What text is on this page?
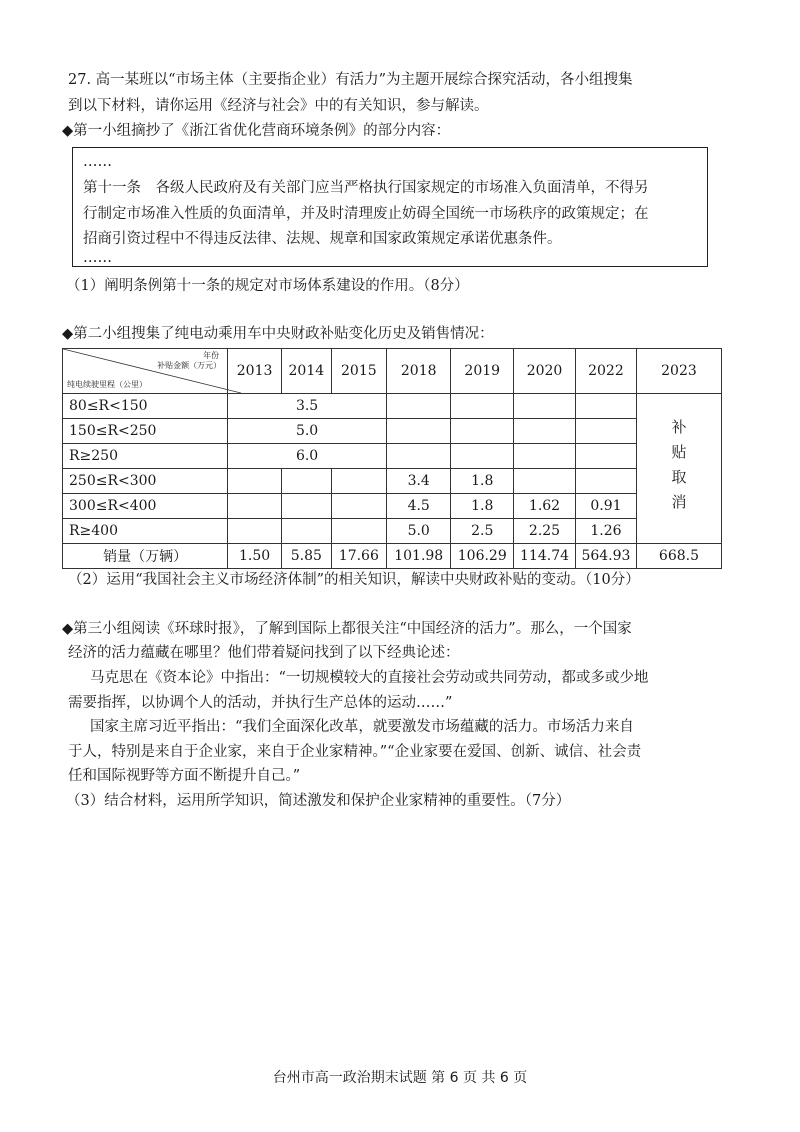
27. 高一某班以“市场主体（主要指企业）有活力”为主题开展综合探究活动，各小组搜集
到以下材料，请你运用《经济与社会》中的有关知识，参与解读。
◆第一小组摘抄了《浙江省优化营商环境条例》的部分内容：
……
第十一条　各级人民政府及有关部门应当严格执行国家规定的市场准入负面清单，不得另
行制定市场准入性质的负面清单，并及时清理废止妨碍全国统一市场秩序的政策规定；在
招商引资过程中不得违反法律、法规、规章和国家政策规定承诺优惠条件。
……
（1）阐明条例第十一条的规定对市场体系建设的作用。（8分）
◆第二小组搜集了纯电动乘用车中央财政补贴变化历史及销售情况：
年份
补贴金额（万元）
纯电续驶里程（公里）	2013	2014	2015	2018	2019	2020	2022	2023
80≤R<150	3.5							补贴取消
150≤R<250	5.0							
R≥250	6.0							
250≤R<300				3.4	1.8			
300≤R<400				4.5	1.8	1.62	0.91	
R≥400				5.0	2.5	2.25	1.26	
销量（万辆）	1.50	5.85	17.66	101.98	106.29	114.74	564.93	668.5
（2）运用“我国社会主义市场经济体制”的相关知识，解读中央财政补贴的变动。（10分）
◆第三小组阅读《环球时报》，了解到国际上都很关注“中国经济的活力”。那么，一个国家
经济的活力蕴藏在哪里？他们带着疑问找到了以下经典论述：
马克思在《资本论》中指出：“一切规模较大的直接社会劳动或共同劳动，都或多或少地
需要指挥，以协调个人的活动，并执行生产总体的运动……”
国家主席习近平指出：“我们全面深化改革，就要激发市场蕴藏的活力。市场活力来自
于人，特别是来自于企业家，来自于企业家精神。”“企业家要在爱国、创新、诚信、社会责
任和国际视野等方面不断提升自己。”
（3）结合材料，运用所学知识，简述激发和保护企业家精神的重要性。（7分）
台州市高一政治期末试题 第 6 页 共 6 页
